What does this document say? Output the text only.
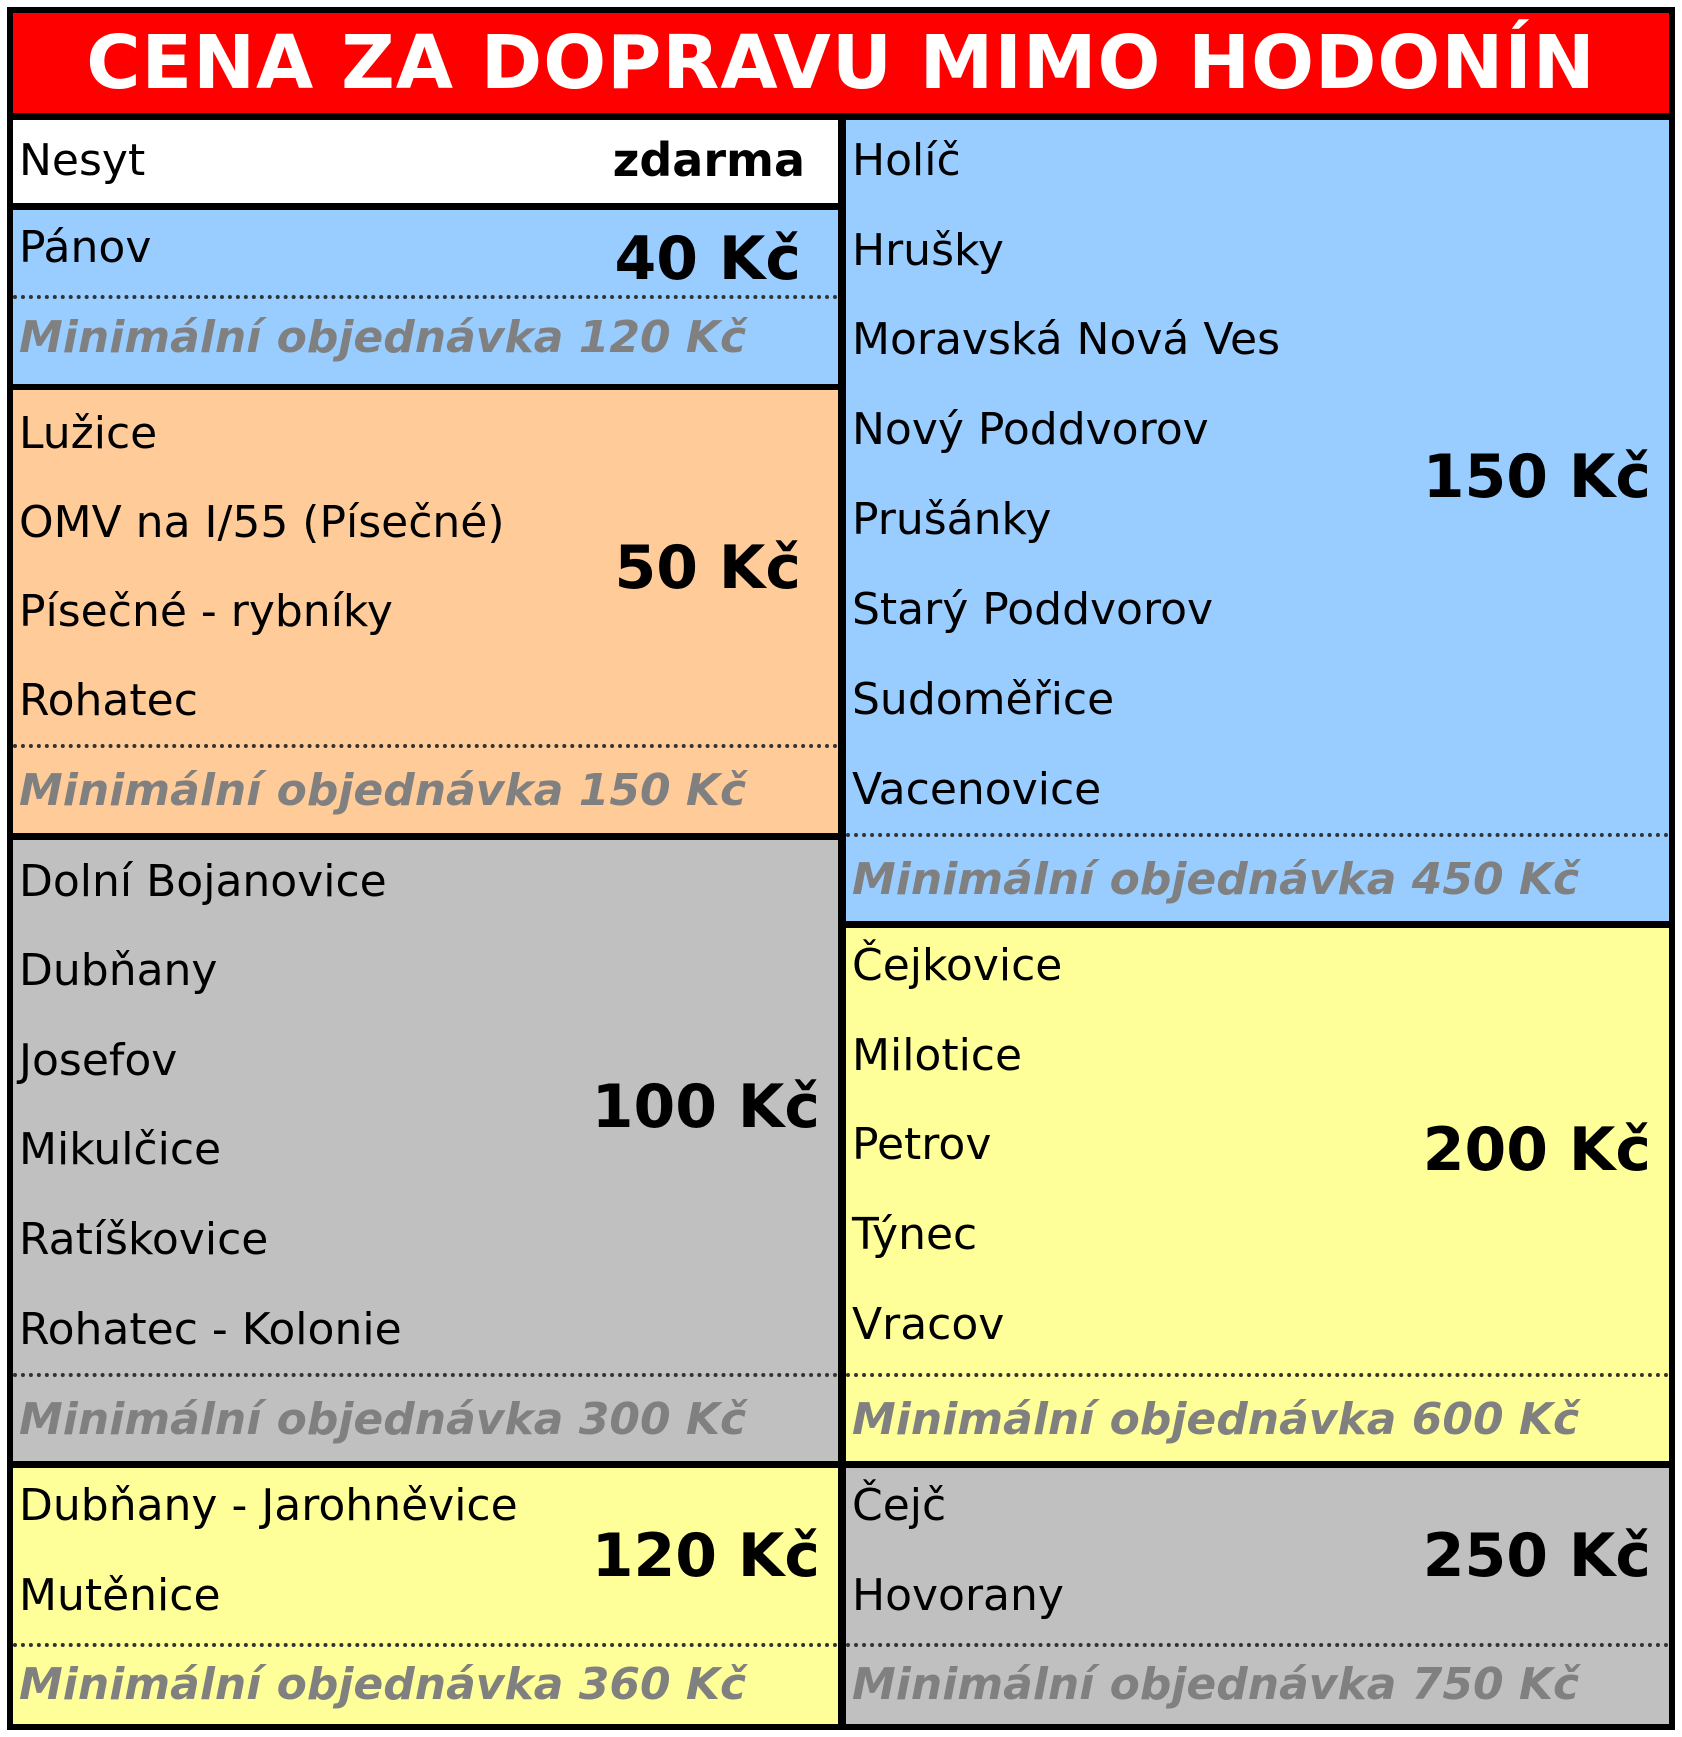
CENA ZA DOPRAVU MIMO HODONÍN
Nesyt	zdarma
Pánov
Minimální objednávka 120 Kč
40 Kč
Lužice
OMV na I/55 (Písečné)
Písečné - rybníky
Rohatec
Minimální objednávka 150 Kč
50 Kč
Dolní Bojanovice
Dubňany
Josefov
Mikulčice
Ratíškovice
Rohatec - Kolonie
Minimální objednávka 300 Kč
100 Kč
Dubňany - Jarohněvice
Mutěnice
Minimální objednávka 360 Kč
120 Kč
Holíč
Hrušky
Moravská Nová Ves
Nový Poddvorov
Prušánky
Starý Poddvorov
Sudoměřice
Vacenovice
Minimální objednávka 450 Kč
150 Kč
Čejkovice
Milotice
Petrov
Týnec
Vracov
Minimální objednávka 600 Kč
200 Kč
Čejč
Hovorany
Minimální objednávka 750 Kč
250 Kč
